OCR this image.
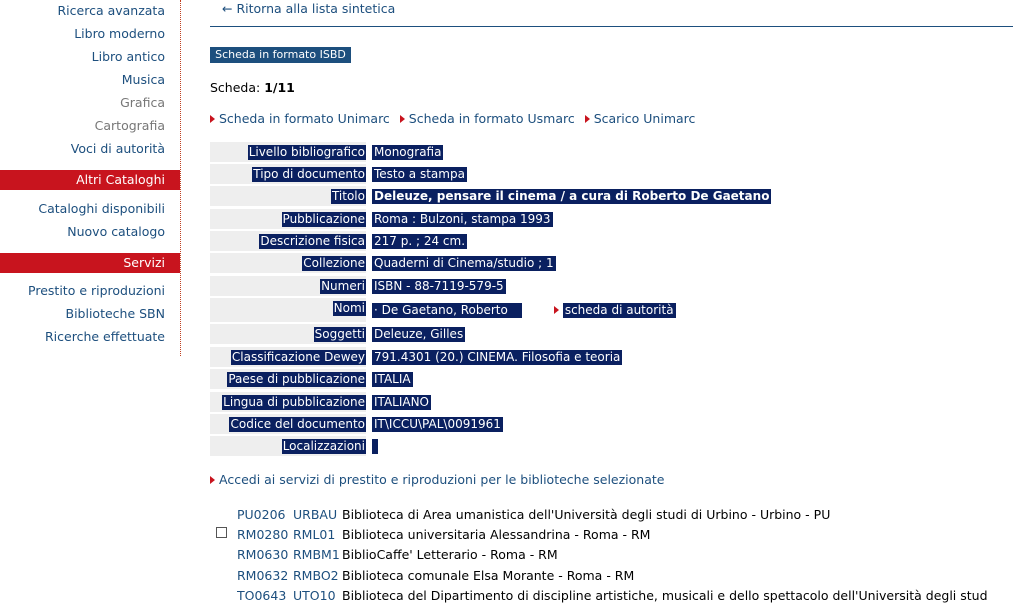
Ricerca avanzata
Libro moderno
Libro antico
Musica
Grafica
Cartografia
Voci di autorità
Altri Cataloghi
Cataloghi disponibili
Nuovo catalogo
Servizi
Prestito e riproduzioni
Biblioteche SBN
Ricerche effettuate
← Ritorna alla lista sintetica
Scheda in formato ISBD
Scheda: 1/11
Scheda in formato Unimarc Scheda in formato Usmarc Scarico Unimarc
Livello bibliografico Monografia
Tipo di documento Testo a stampa
Titolo Deleuze, pensare il cinema / a cura di Roberto De Gaetano
Pubblicazione Roma : Bulzoni, stampa 1993
Descrizione fisica 217 p. ; 24 cm.
Collezione Quaderni di Cinema/studio ; 1
Numeri ISBN - 88-7119-579-5
Nomi · De Gaetano, Roberto	scheda di autorità
Soggetti Deleuze, Gilles
Classificazione Dewey 791.4301 (20.) CINEMA. Filosofia e teoria
Paese di pubblicazione ITALIA
Lingua di pubblicazione ITALIANO
Codice del documento IT\ICCU\PAL\0091961
Localizzazioni
Accedi ai servizi di prestito e riproduzioni per le biblioteche selezionate
PU0206 URBAU Biblioteca di Area umanistica dell'Università degli studi di Urbino - Urbino - PU
RM0280 RML01 Biblioteca universitaria Alessandrina - Roma - RM
RM0630 RMBM1 BiblioCaffe' Letterario - Roma - RM
RM0632 RMBO2 Biblioteca comunale Elsa Morante - Roma - RM
TO0643 UTO10 Biblioteca del Dipartimento di discipline artistiche, musicali e dello spettacolo dell'Università degli stud
